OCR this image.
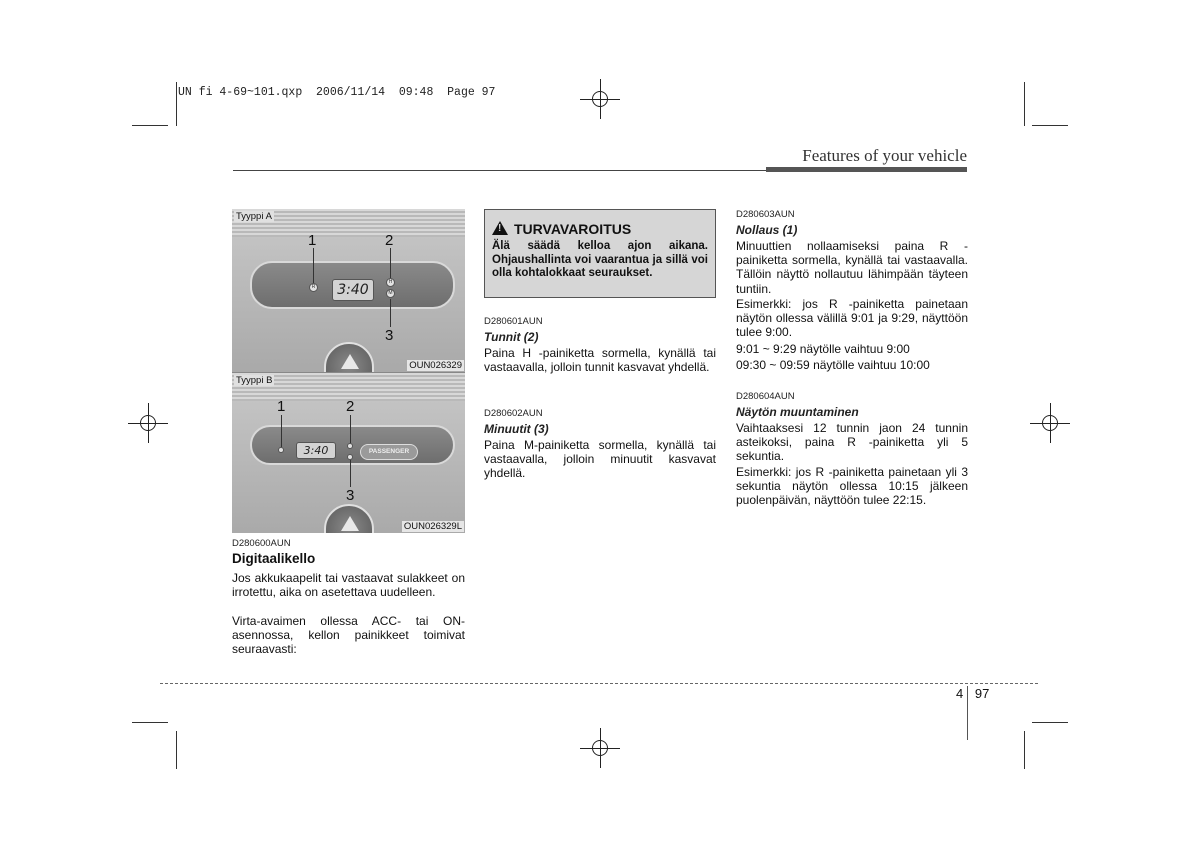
UN fi 4-69~101.qxp  2006/11/14  09:48  Page 97
Features of your vehicle
3:40
R
H
M
1	2
3
Tyyppi A
OUN026329
3:40	PASSENGER
1	2
3
Tyyppi B
OUN026329L
D280600AUN
Digitaalikello
Jos akkukaapelit tai vastaavat sulakkeet on irrotettu, aika on asetettava uudelleen.
Virta-avaimen ollessa ACC- tai ON-asennossa, kellon painikkeet toimivat seuraavasti:
!TURVAVAROITUS
Älä säädä kelloa ajon aikana. Ohjaushallinta voi vaarantua ja sillä voi olla kohtalokkaat seuraukset.
D280601AUN
Tunnit (2)
Paina H -painiketta sormella, kynällä tai vastaavalla, jolloin tunnit kasvavat yhdellä.
D280602AUN
Minuutit (3)
Paina M-painiketta sormella, kynällä tai vastaavalla, jolloin minuutit kasvavat yhdellä.
D280603AUN
Nollaus (1)
Minuuttien nollaamiseksi paina R -painiketta sormella, kynällä tai vastaavalla. Tällöin näyttö nollautuu lähimpään täyteen tuntiin.
Esimerkki: jos R -painiketta painetaan näytön ollessa välillä 9:01 ja 9:29, näyttöön tulee 9:00.
9:01 ~ 9:29 näytölle vaihtuu 9:00
09:30 ~ 09:59 näytölle vaihtuu 10:00
D280604AUN
Näytön muuntaminen
Vaihtaaksesi 12 tunnin jaon 24 tunnin asteikoksi, paina R -painiketta yli 5 sekuntia.
Esimerkki: jos R -painiketta painetaan yli 3 sekuntia näytön ollessa 10:15 jälkeen puolenpäivän, näyttöön tulee 22:15.
4 97
